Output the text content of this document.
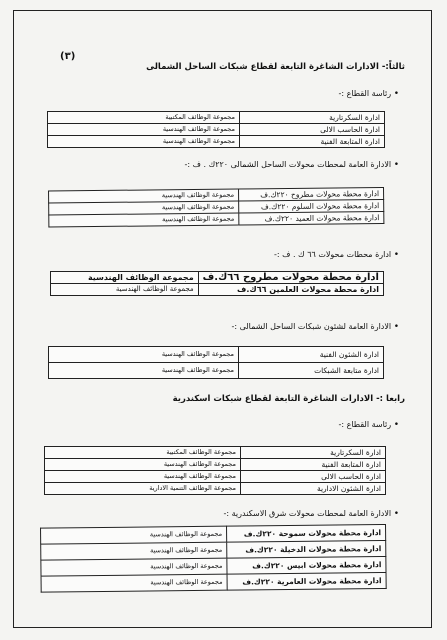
(٣)
ثالثاً:- الادارات الشاغرة التابعة لقطاع شبكات الساحل الشمالى
• رئاسة القطاع :-
ادارة السكرتارية	مجموعة الوظائف المكتبية
ادارة الحاسب الالى	مجموعة الوظائف الهندسية
ادارة المتابعة الفنية	مجموعة الوظائف الهندسية
• الادارة العامة لمحطات محولات الساحل الشمالى ٢٢٠ك . ف :-
ادارة محطة محولات مطروح ٢٢٠ك.ف	مجموعة الوظائف الهندسية
ادارة محطة محولات السلوم ٢٢٠ك.ف	مجموعة الوظائف الهندسية
ادارة محطة محولات العميد ٢٢٠ك.ف	مجموعة الوظائف الهندسية
• ادارة محطات محولات ٦٦ ك . ف :-
ادارة محطة محولات مطروح ٦٦ك.ف	مجموعة الوظائف الهندسية
ادارة محطة محولات العلمين ٦٦ك.ف	مجموعة الوظائف الهندسية
• الادارة العامة لشئون شبكات الساحل الشمالى :-
ادارة الشئون الفنية	مجموعة الوظائف الهندسية
ادارة متابعة الشبكات	مجموعة الوظائف الهندسية
رابعا :- الادارات الشاغرة التابعة لقطاع شبكات اسكندرية
• رئاسة القطاع :-
ادارة السكرتارية	مجموعة الوظائف المكتبية
ادارة المتابعة الفنية	مجموعة الوظائف الهندسية
ادارة الحاسب الالى	مجموعة الوظائف الهندسية
ادارة الشئون الادارية	مجموعة الوظائف التنمية الادارية
• الادارة العامة لمحطات محولات شرق الاسكندرية :-
ادارة محطة محولات سموحة ٢٢٠ك.ف	مجموعة الوظائف الهندسية
ادارة محطة محولات الدخيلة ٢٢٠ك.ف	مجموعة الوظائف الهندسية
ادارة محطة محولات ابيس ٢٢٠ك.ف	مجموعة الوظائف الهندسية
ادارة محطة محولات العامرية ٢٢٠ك.ف	مجموعة الوظائف الهندسية
